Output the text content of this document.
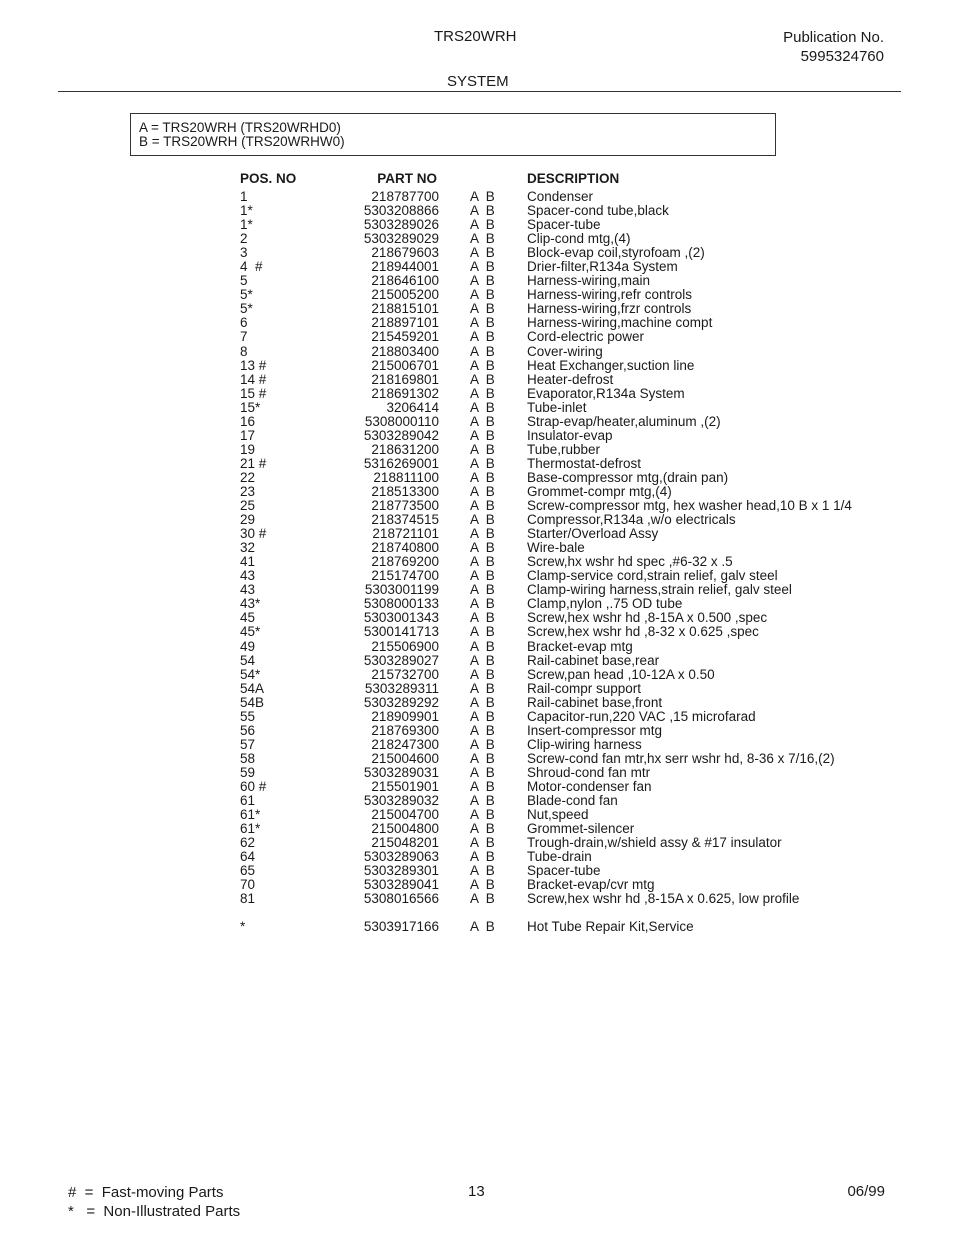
TRS20WRH	Publication No.
5995324760
SYSTEM
A = TRS20WRH (TRS20WRHD0)
B = TRS20WRH (TRS20WRHW0)
POS. NO	PART NO	DESCRIPTION
1	218787700 A  B Condenser
1*	5303208866 A  B Spacer-cond tube,black
1*	5303289026 A  B Spacer-tube
2	5303289029 A  B Clip-cond mtg,(4)
3	218679603 A  B Block-evap coil,styrofoam ,(2)
4  #	218944001 A  B Drier-filter,R134a System
5	218646100 A  B Harness-wiring,main
5*	215005200 A  B Harness-wiring,refr controls
5*	218815101 A  B Harness-wiring,frzr controls
6	218897101 A  B Harness-wiring,machine compt
7	215459201 A  B Cord-electric power
8	218803400 A  B Cover-wiring
13 #	215006701 A  B Heat Exchanger,suction line
14 #	218169801 A  B Heater-defrost
15 #	218691302 A  B Evaporator,R134a System
15*	3206414 A  B Tube-inlet
16	5308000110 A  B Strap-evap/heater,aluminum ,(2)
17	5303289042 A  B Insulator-evap
19	218631200 A  B Tube,rubber
21 #	5316269001 A  B Thermostat-defrost
22	218811100 A  B Base-compressor mtg,(drain pan)
23	218513300 A  B Grommet-compr mtg,(4)
25	218773500 A  B Screw-compressor mtg, hex washer head,10 B x 1 1/4
29	218374515 A  B Compressor,R134a ,w/o electricals
30 #	218721101 A  B Starter/Overload Assy
32	218740800 A  B Wire-bale
41	218769200 A  B Screw,hx wshr hd spec ,#6-32 x .5
43	215174700 A  B Clamp-service cord,strain relief, galv steel
43	5303001199 A  B Clamp-wiring harness,strain relief, galv steel
43*	5308000133 A  B Clamp,nylon ,.75 OD tube
45	5303001343 A  B Screw,hex wshr hd ,8-15A x 0.500 ,spec
45*	5300141713 A  B Screw,hex wshr hd ,8-32 x 0.625 ,spec
49	215506900 A  B Bracket-evap mtg
54	5303289027 A  B Rail-cabinet base,rear
54*	215732700 A  B Screw,pan head ,10-12A x 0.50
54A	5303289311 A  B Rail-compr support
54B	5303289292 A  B Rail-cabinet base,front
55	218909901 A  B Capacitor-run,220 VAC ,15 microfarad
56	218769300 A  B Insert-compressor mtg
57	218247300 A  B Clip-wiring harness
58	215004600 A  B Screw-cond fan mtr,hx serr wshr hd, 8-36 x 7/16,(2)
59	5303289031 A  B Shroud-cond fan mtr
60 #	215501901 A  B Motor-condenser fan
61	5303289032 A  B Blade-cond fan
61*	215004700 A  B Nut,speed
61*	215004800 A  B Grommet-silencer
62	215048201 A  B Trough-drain,w/shield assy & #17 insulator
64	5303289063 A  B Tube-drain
65	5303289301 A  B Spacer-tube
70	5303289041 A  B Bracket-evap/cvr mtg
81	5308016566 A  B Screw,hex wshr hd ,8-15A x 0.625, low profile
*	5303917166 A  B Hot Tube Repair Kit,Service
#  =  Fast-moving Parts
*   =  Non-Illustrated Parts
13	06/99
